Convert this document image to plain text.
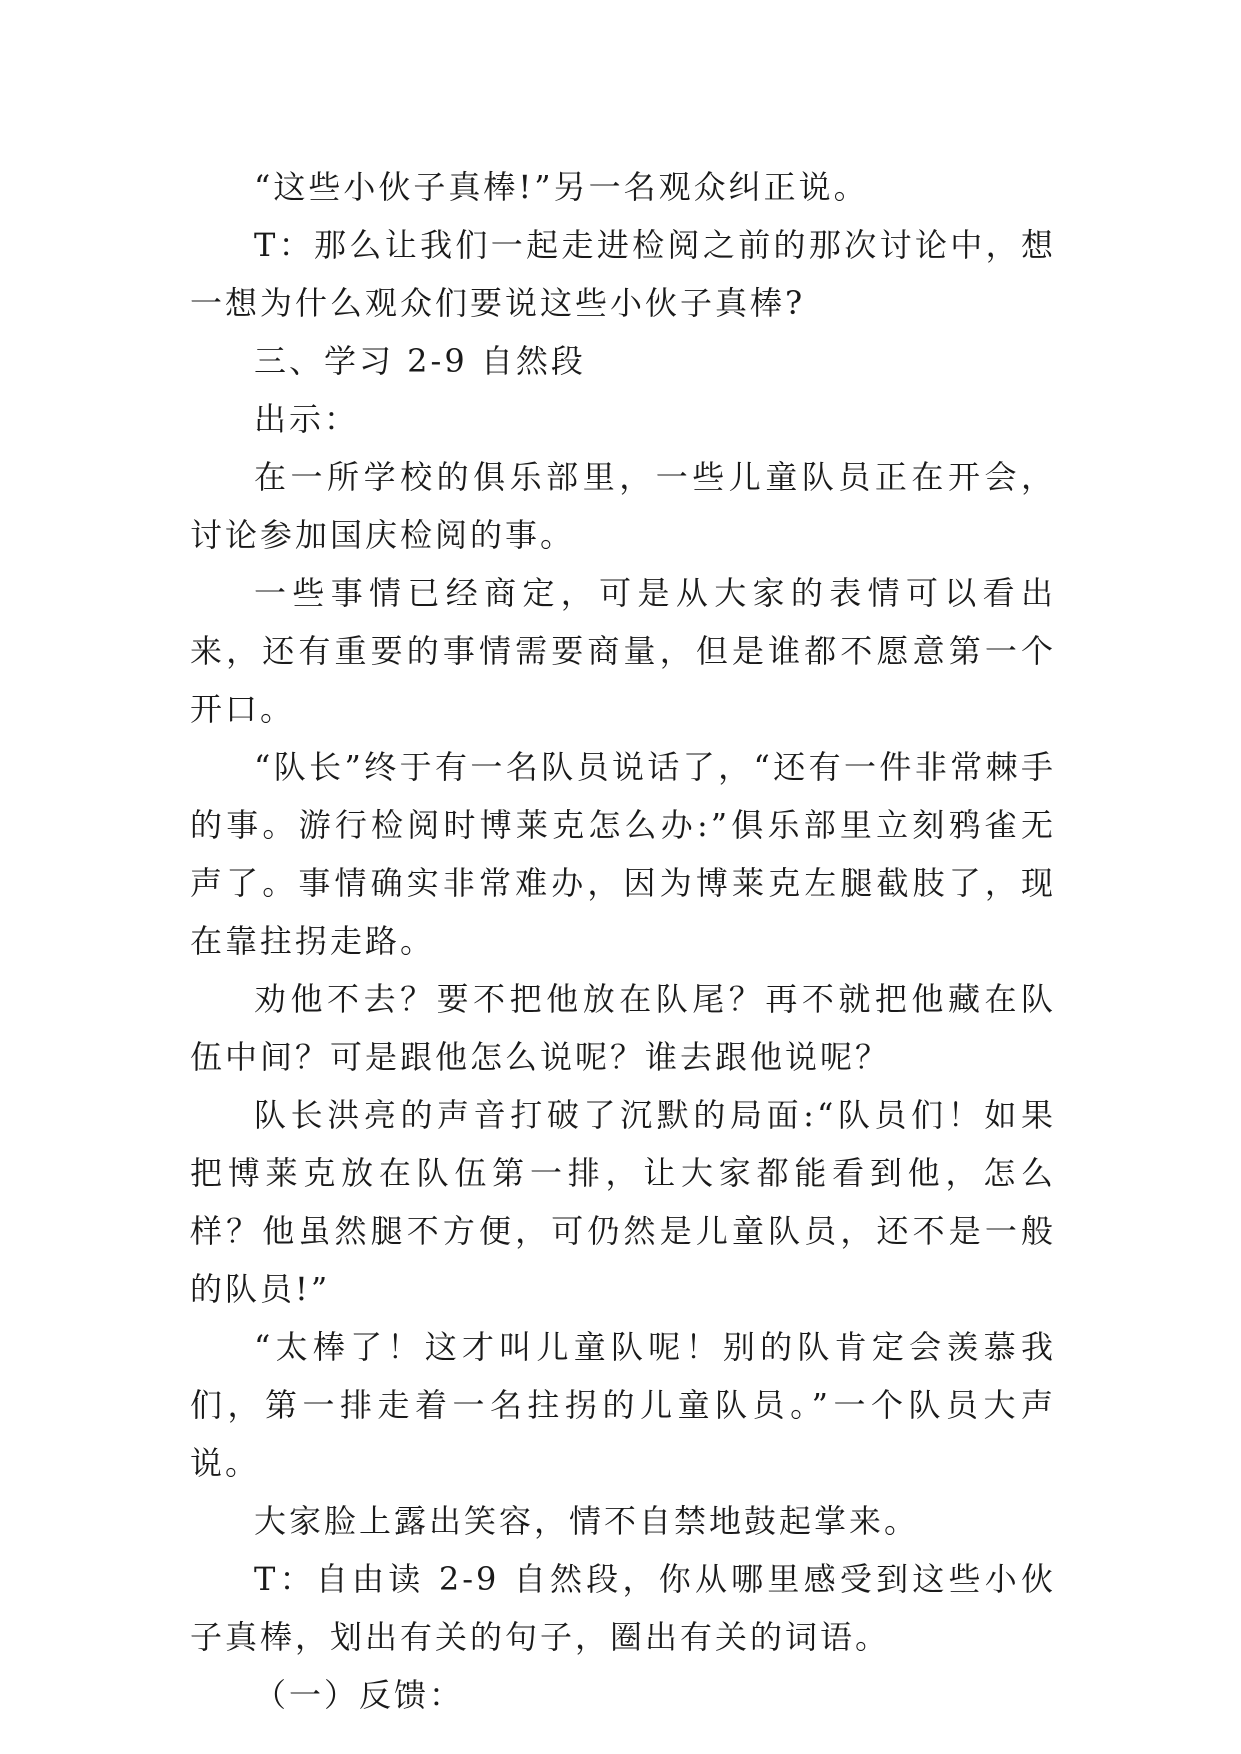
“这些小伙子真棒!”另一名观众纠正说。

T：那么让我们一起走进检阅之前的那次讨论中，想一想为什么观众们要说这些小伙子真棒?

三、学习 2-9 自然段

出示：

在一所学校的俱乐部里，一些儿童队员正在开会，讨论参加国庆检阅的事。

一些事情已经商定，可是从大家的表情可以看出来，还有重要的事情需要商量，但是谁都不愿意第一个开口。

“队长”终于有一名队员说话了，“还有一件非常棘手的事。游行检阅时博莱克怎么办:”俱乐部里立刻鸦雀无声了。事情确实非常难办，因为博莱克左腿截肢了，现在靠拄拐走路。

劝他不去？要不把他放在队尾？再不就把他藏在队伍中间？可是跟他怎么说呢？谁去跟他说呢？

队长洪亮的声音打破了沉默的局面:“队员们！如果把博莱克放在队伍第一排，让大家都能看到他，怎么样？他虽然腿不方便，可仍然是儿童队员，还不是一般的队员!”

“太棒了！这才叫儿童队呢！别的队肯定会羡慕我们，第一排走着一名拄拐的儿童队员。”一个队员大声说。

大家脸上露出笑容，情不自禁地鼓起掌来。

T：自由读 2-9 自然段，你从哪里感受到这些小伙子真棒，划出有关的句子，圈出有关的词语。

（一）反馈：
